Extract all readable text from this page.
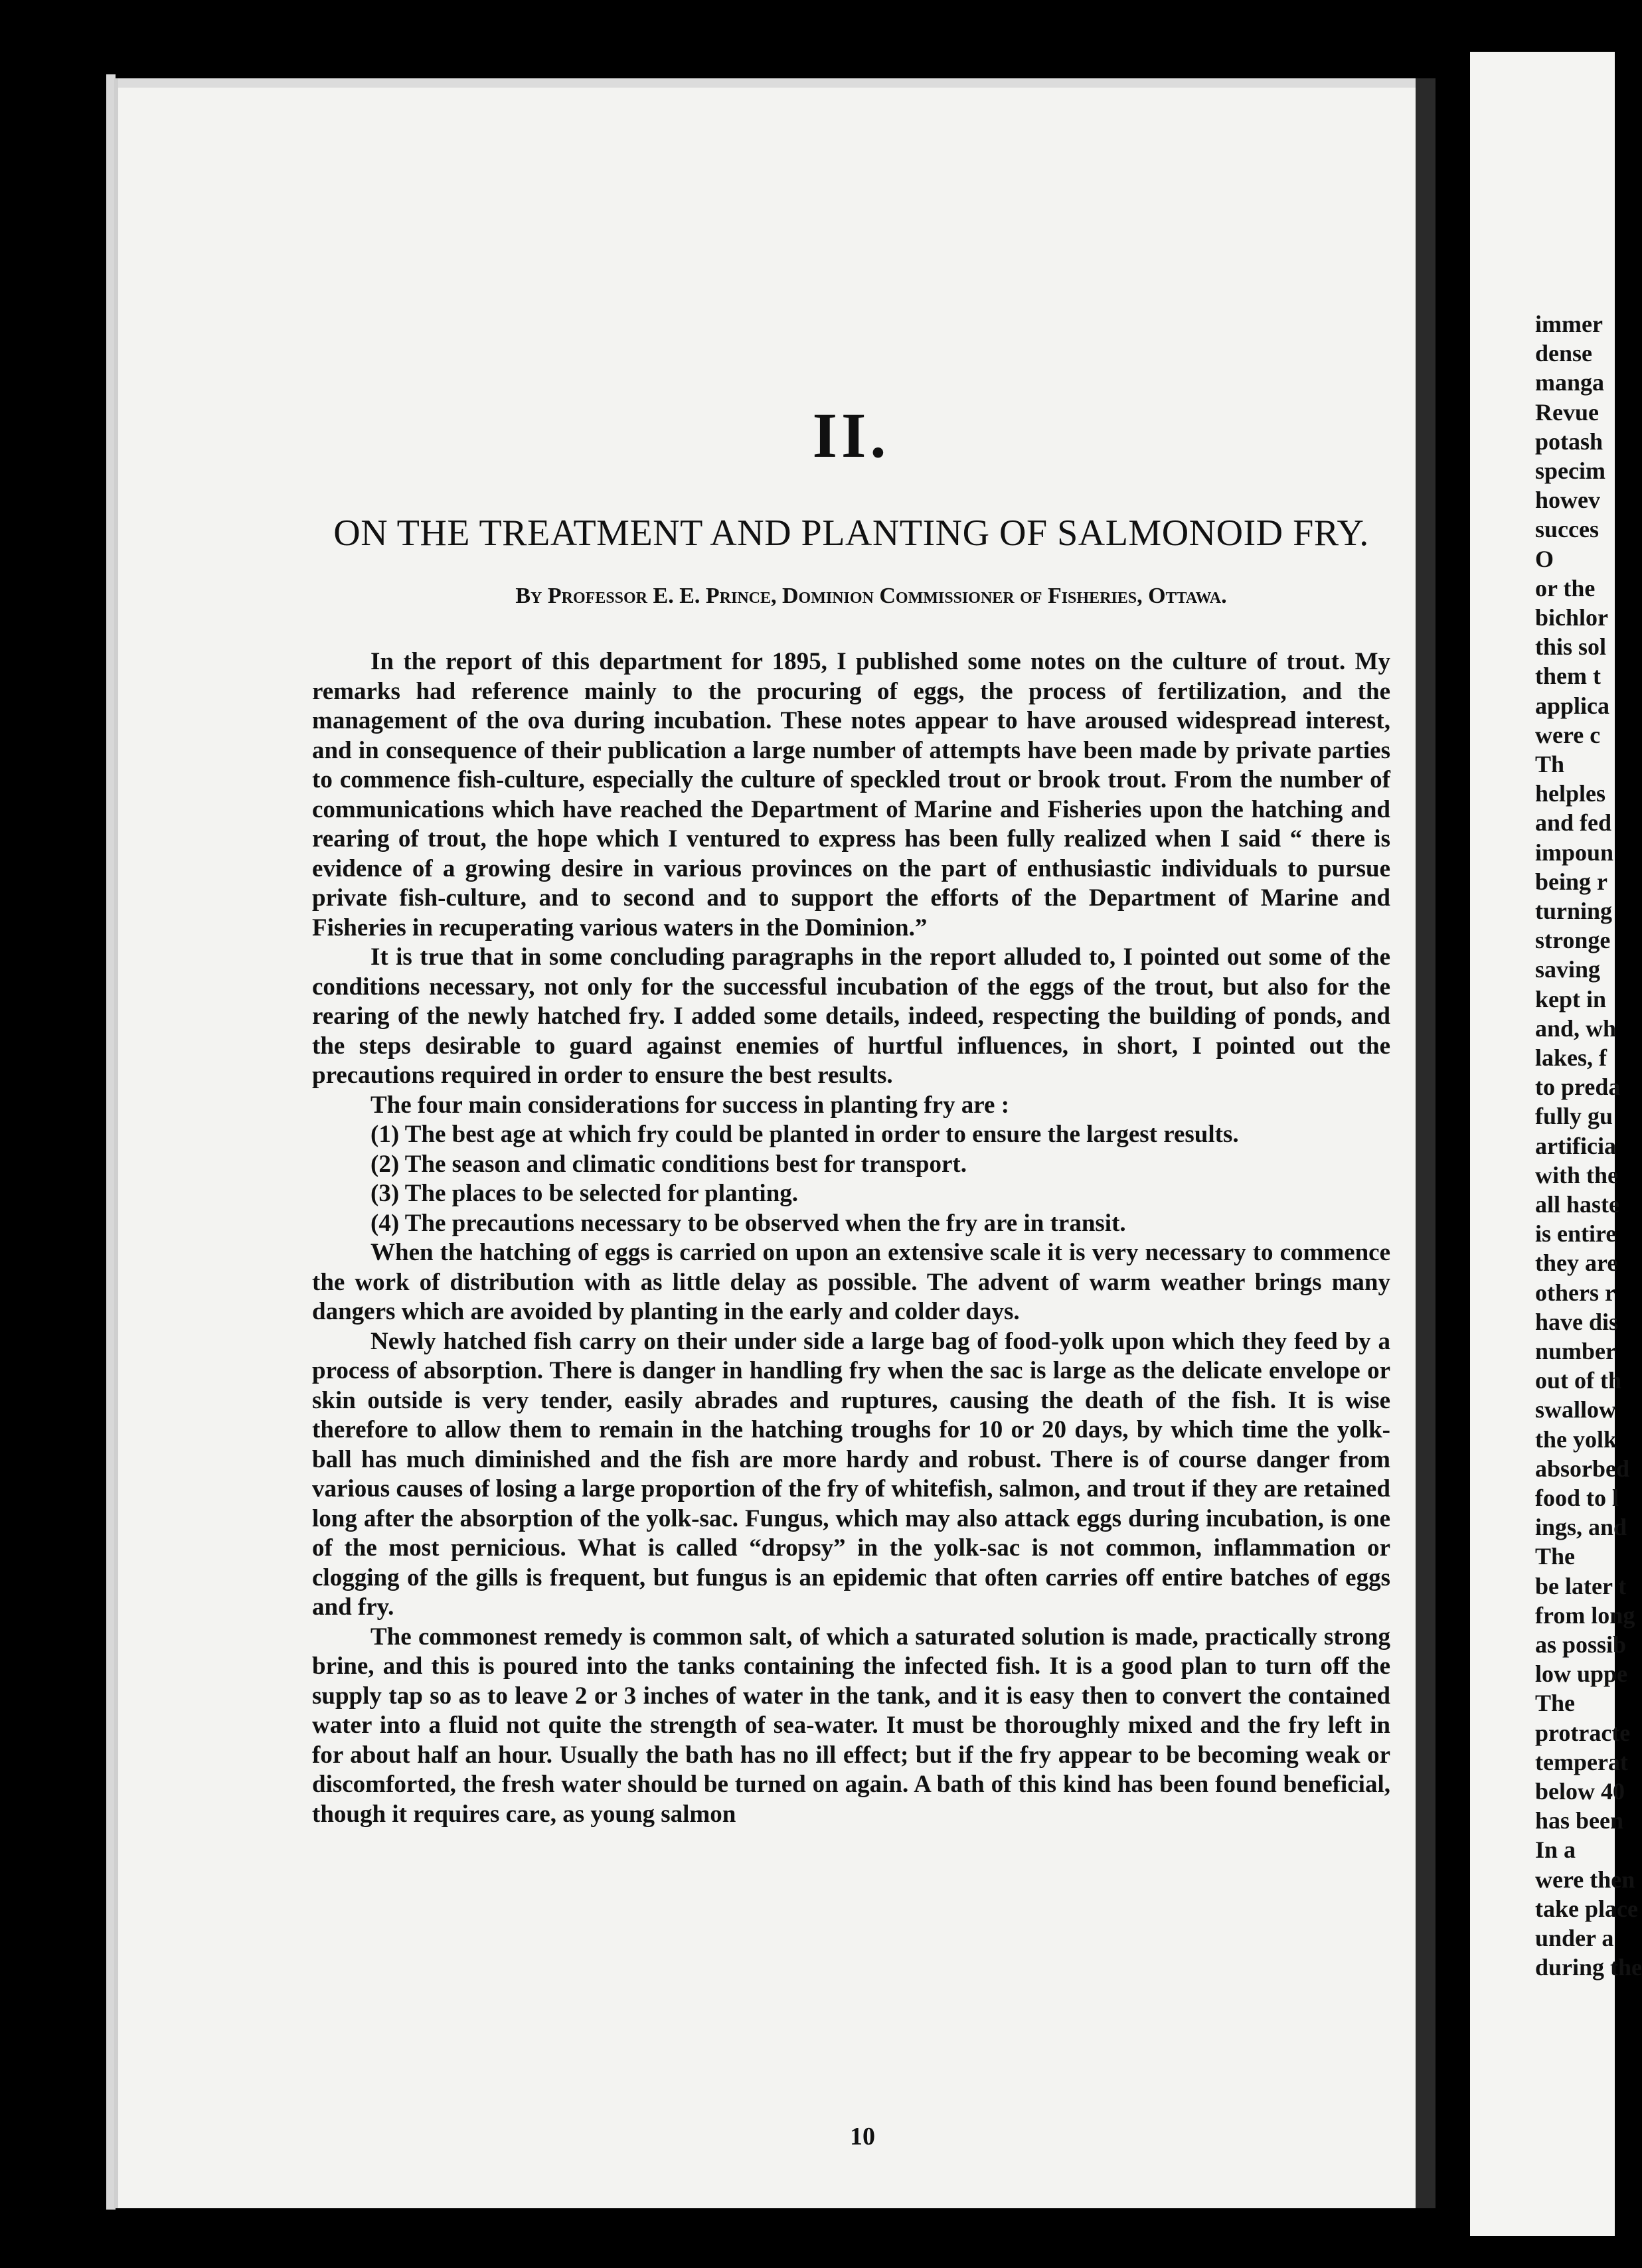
immer
dense
manga
Revue
potash
specim
howev
succes
O
or the
bichlor
this sol
them t
applica
were c
Th
helples
and fed
impoun
being r
turning
stronge
saving
kept in
and, wh
lakes, f
to preda
fully gu
artificia
with the
all haste
is entire
they are
others r
have dis
number
out of th
swallow
the yolk
absorbed
food to l
ings, and
The
be later t
from long
as possib
low uppe
The
protracte
temperat
below 40
has been
In a
were then
take place
under a
during the
II.
ON THE TREATMENT AND PLANTING OF SALMONOID FRY.
By Professor E. E. Prince, Dominion Commissioner of Fisheries, Ottawa.

In the report of this department for 1895, I published some notes on the culture of trout. My remarks had reference mainly to the procuring of eggs, the process of fertilization, and the management of the ova during incubation. These notes appear to have aroused widespread interest, and in consequence of their publication a large number of attempts have been made by private parties to commence fish-culture, especially the culture of speckled trout or brook trout. From the number of communications which have reached the Department of Marine and Fisheries upon the hatching and rearing of trout, the hope which I ventured to express has been fully realized when I said “ there is evidence of a growing desire in various provinces on the part of enthusiastic individuals to pursue private fish-culture, and to second and to support the efforts of the Department of Marine and Fisheries in recuperating various waters in the Dominion.”

It is true that in some concluding paragraphs in the report alluded to, I pointed out some of the conditions necessary, not only for the successful incubation of the eggs of the trout, but also for the rearing of the newly hatched fry. I added some details, indeed, respecting the building of ponds, and the steps desirable to guard against enemies of hurtful influences, in short, I pointed out the precautions required in order to ensure the best results.

The four main considerations for success in planting fry are :

(1) The best age at which fry could be planted in order to ensure the largest results.

(2) The season and climatic conditions best for transport.

(3) The places to be selected for planting.

(4) The precautions necessary to be observed when the fry are in transit.

When the hatching of eggs is carried on upon an extensive scale it is very necessary to commence the work of distribution with as little delay as possible. The advent of warm weather brings many dangers which are avoided by planting in the early and colder days.

Newly hatched fish carry on their under side a large bag of food-yolk upon which they feed by a process of absorption. There is danger in handling fry when the sac is large as the delicate envelope or skin outside is very tender, easily abrades and ruptures, causing the death of the fish. It is wise therefore to allow them to remain in the hatching troughs for 10 or 20 days, by which time the yolk-ball has much diminished and the fish are more hardy and robust. There is of course danger from various causes of losing a large proportion of the fry of whitefish, salmon, and trout if they are retained long after the absorption of the yolk-sac. Fungus, which may also attack eggs during incubation, is one of the most pernicious. What is called “dropsy” in the yolk-sac is not common, inflammation or clogging of the gills is frequent, but fungus is an epidemic that often carries off entire batches of eggs and fry.

The commonest remedy is common salt, of which a saturated solution is made, practically strong brine, and this is poured into the tanks containing the infected fish. It is a good plan to turn off the supply tap so as to leave 2 or 3 inches of water in the tank, and it is easy then to convert the contained water into a fluid not quite the strength of sea-water. It must be thoroughly mixed and the fry left in for about half an hour. Usually the bath has no ill effect; but if the fry appear to be becoming weak or discomforted, the fresh water should be turned on again. A bath of this kind has been found beneficial, though it requires care, as young salmon

10
